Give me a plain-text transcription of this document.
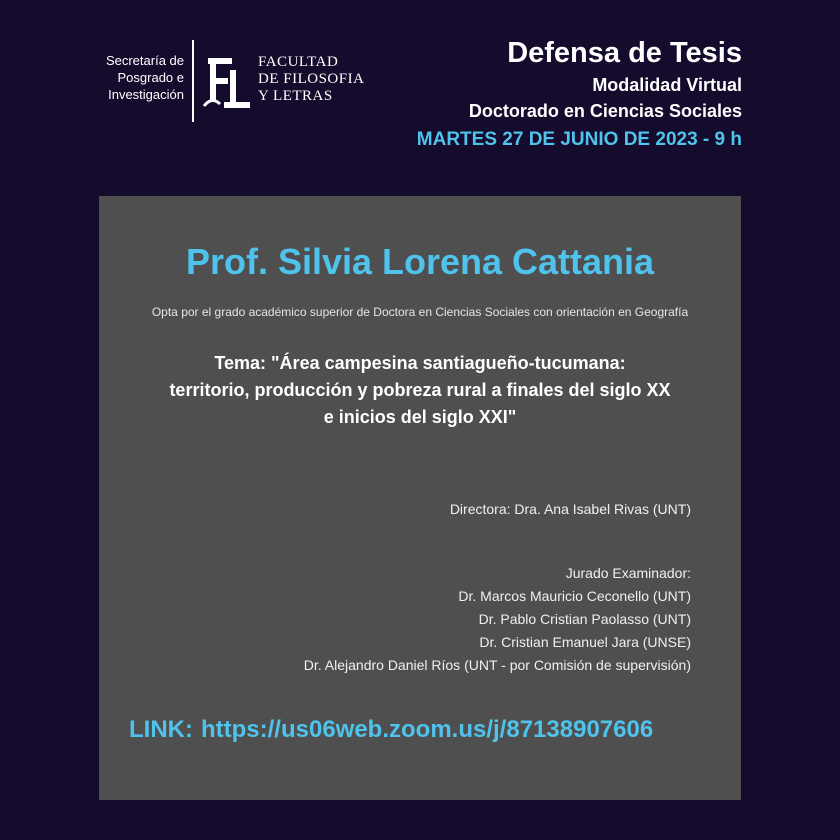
Secretaría de
Posgrado e
Investigación
FACULTAD
DE FILOSOFIA
Y LETRAS
Defensa de Tesis
Modalidad Virtual
Doctorado en Ciencias Sociales
MARTES 27 DE JUNIO DE 2023 - 9 h
Prof. Silvia Lorena Cattania
Opta por el grado académico superior de Doctora en Ciencias Sociales con orientación en Geografía
Tema: "Área campesina santiagueño-tucumana:
territorio, producción y pobreza rural a finales del siglo XX
e inicios del siglo XXI"
Directora: Dra. Ana Isabel Rivas (UNT)
Jurado Examinador:
Dr. Marcos Mauricio Ceconello (UNT)
Dr. Pablo Cristian Paolasso (UNT)
Dr. Cristian Emanuel Jara (UNSE)
Dr. Alejandro Daniel Ríos (UNT - por Comisión de supervisión)
LINK: https://us06web.zoom.us/j/87138907606
